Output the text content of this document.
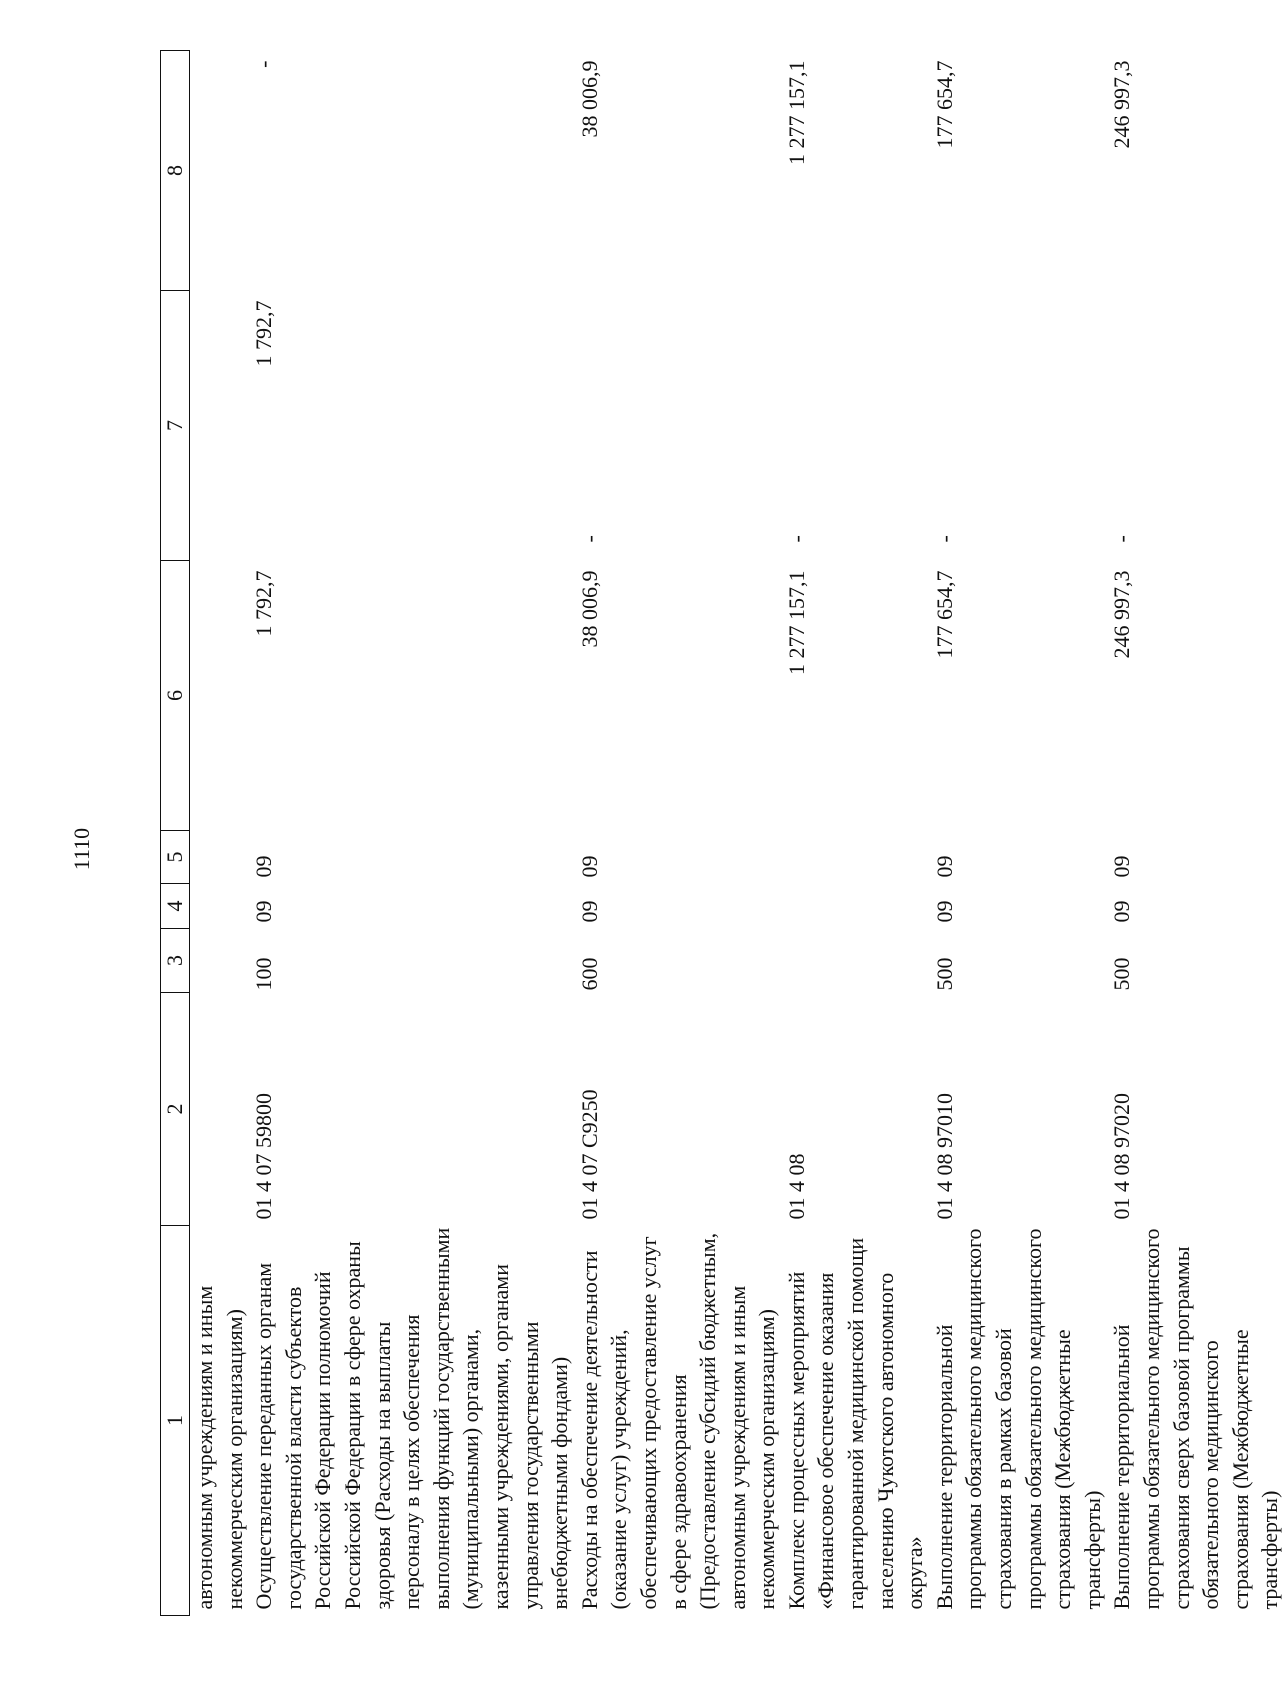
1110
1	2	3	4	5	6	7	8
автономным учреждениям и иным некоммерческим организациям)							
Осуществление переданных органам государственной власти субъектов Российской Федерации полномочий Российской Федерации в сфере охраны здоровья (Расходы на выплаты персоналу в целях обеспечения выполнения функций государственными (муниципальными) органами, казенными учреждениями, органами управления государственными внебюджетными фондами)	01 4 07 59800	100	09	09	1 792,7	1 792,7	-
Расходы на обеспечение деятельности (оказание услуг) учреждений, обеспечивающих предоставление услуг в сфере здравоохранения (Предоставление субсидий бюджетным, автономным учреждениям и иным некоммерческим организациям)	01 4 07 С9250	600	09	09	38 006,9	-	38 006,9
Комплекс процессных мероприятий «Финансовое обеспечение оказания гарантированной медицинской помощи населению Чукотского автономного округа»	01 4 08				1 277 157,1	-	1 277 157,1
Выполнение территориальной программы обязательного медицинского страхования в рамках базовой программы обязательного медицинского страхования (Межбюджетные трансферты)	01 4 08 97010	500	09	09	177 654,7	-	177 654,7
Выполнение территориальной программы обязательного медицинского страхования сверх базовой программы обязательного медицинского страхования (Межбюджетные трансферты)	01 4 08 97020	500	09	09	246 997,3	-	246 997,3
